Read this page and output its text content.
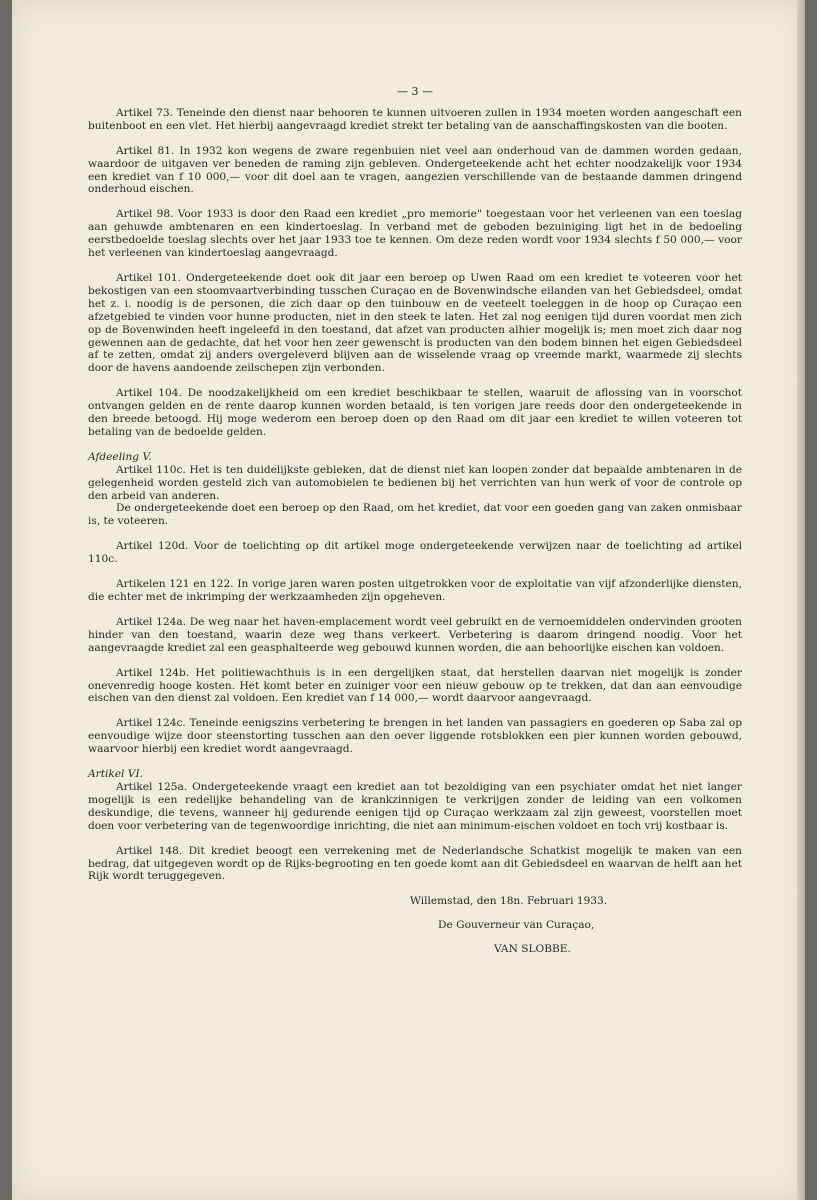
— 3 —

Artikel 73. Teneinde den dienst naar behooren te kunnen uitvoeren zullen in 1934 moeten worden aangeschaft een buitenboot en een vlet. Het hierbij aangevraagd krediet strekt ter betaling van de aanschaffingskosten van die booten.

Artikel 81. In 1932 kon wegens de zware regenbuien niet veel aan onderhoud van de dammen worden gedaan, waardoor de uitgaven ver beneden de raming zijn gebleven. Ondergeteekende acht het echter noodzakelijk voor 1934 een krediet van f 10 000,— voor dit doel aan te vragen, aangezien verschillende van de bestaande dammen dringend onderhoud eischen.

Artikel 98. Voor 1933 is door den Raad een krediet „pro memorie" toegestaan voor het verleenen van een toeslag aan gehuwde ambtenaren en een kindertoeslag. In verband met de geboden bezuiniging ligt het in de bedoeling eerstbedoelde toeslag slechts over het jaar 1933 toe te kennen. Om deze reden wordt voor 1934 slechts f 50 000,— voor het verleenen van kindertoeslag aangevraagd.

Artikel 101. Ondergeteekende doet ook dit jaar een beroep op Uwen Raad om een krediet te voteeren voor het bekostigen van een stoomvaartverbinding tusschen Curaçao en de Bovenwindsche eilanden van het Gebiedsdeel, omdat het z. i. noodig is de personen, die zich daar op den tuinbouw en de veeteelt toeleggen in de hoop op Curaçao een afzetgebied te vinden voor hunne producten, niet in den steek te laten. Het zal nog eenigen tijd duren voordat men zich op de Bovenwinden heeft ingeleefd in den toestand, dat afzet van producten alhier mogelijk is; men moet zich daar nog gewennen aan de gedachte, dat het voor hen zeer gewenscht is producten van den bodem binnen het eigen Gebiedsdeel af te zetten, omdat zij anders overgeleverd blijven aan de wisselende vraag op vreemde markt, waarmede zij slechts door de havens aandoende zeilschepen zijn verbonden.

Artikel 104. De noodzakelijkheid om een krediet beschikbaar te stellen, waaruit de aflossing van in voorschot ontvangen gelden en de rente daarop kunnen worden betaald, is ten vorigen jare reeds door den ondergeteekende in den breede betoogd. Hij moge wederom een beroep doen op den Raad om dit jaar een krediet te willen voteeren tot betaling van de bedoelde gelden.

Afdeeling V.

Artikel 110c. Het is ten duidelijkste gebleken, dat de dienst niet kan loopen zonder dat bepaalde ambtenaren in de gelegenheid worden gesteld zich van automobielen te bedienen bij het verrichten van hun werk of voor de controle op den arbeid van anderen.

De ondergeteekende doet een beroep op den Raad, om het krediet, dat voor een goeden gang van zaken onmisbaar is, te voteeren.

Artikel 120d. Voor de toelichting op dit artikel moge ondergeteekende verwijzen naar de toelichting ad artikel 110c.

Artikelen 121 en 122. In vorige jaren waren posten uitgetrokken voor de exploitatie van vijf afzonderlijke diensten, die echter met de inkrimping der werkzaamheden zijn opgeheven.

Artikel 124a. De weg naar het haven-emplacement wordt veel gebruikt en de vernoemiddelen ondervinden grooten hinder van den toestand, waarin deze weg thans verkeert. Verbetering is daarom dringend noodig. Voor het aangevraagde krediet zal een geasphalteerde weg gebouwd kunnen worden, die aan behoorlijke eischen kan voldoen.

Artikel 124b. Het politiewachthuis is in een dergelijken staat, dat herstellen daarvan niet mogelijk is zonder onevenredig hooge kosten. Het komt beter en zuiniger voor een nieuw gebouw op te trekken, dat dan aan eenvoudige eischen van den dienst zal voldoen. Een krediet van f 14 000,— wordt daarvoor aangevraagd.

Artikel 124c. Teneinde eenigszins verbetering te brengen in het landen van passagiers en goederen op Saba zal op eenvoudige wijze door steenstorting tusschen aan den oever liggende rotsblokken een pier kunnen worden gebouwd, waarvoor hierbij een krediet wordt aangevraagd.

Artikel VI.

Artikel 125a. Ondergeteekende vraagt een krediet aan tot bezoldiging van een psychiater omdat het niet langer mogelijk is een redelijke behandeling van de krankzinnigen te verkrijgen zonder de leiding van een volkomen deskundige, die tevens, wanneer hij gedurende eenigen tijd op Curaçao werkzaam zal zijn geweest, voorstellen moet doen voor verbetering van de tegenwoordige inrichting, die niet aan minimum-eischen voldoet en toch vrij kostbaar is.

Artikel 148. Dit krediet beoogt een verrekening met de Nederlandsche Schatkist mogelijk te maken van een bedrag, dat uitgegeven wordt op de Rijks-begrooting en ten goede komt aan dit Gebiedsdeel en waarvan de helft aan het Rijk wordt teruggegeven.

Willemstad, den 18n. Februari 1933.

De Gouverneur van Curaçao,

VAN SLOBBE.
